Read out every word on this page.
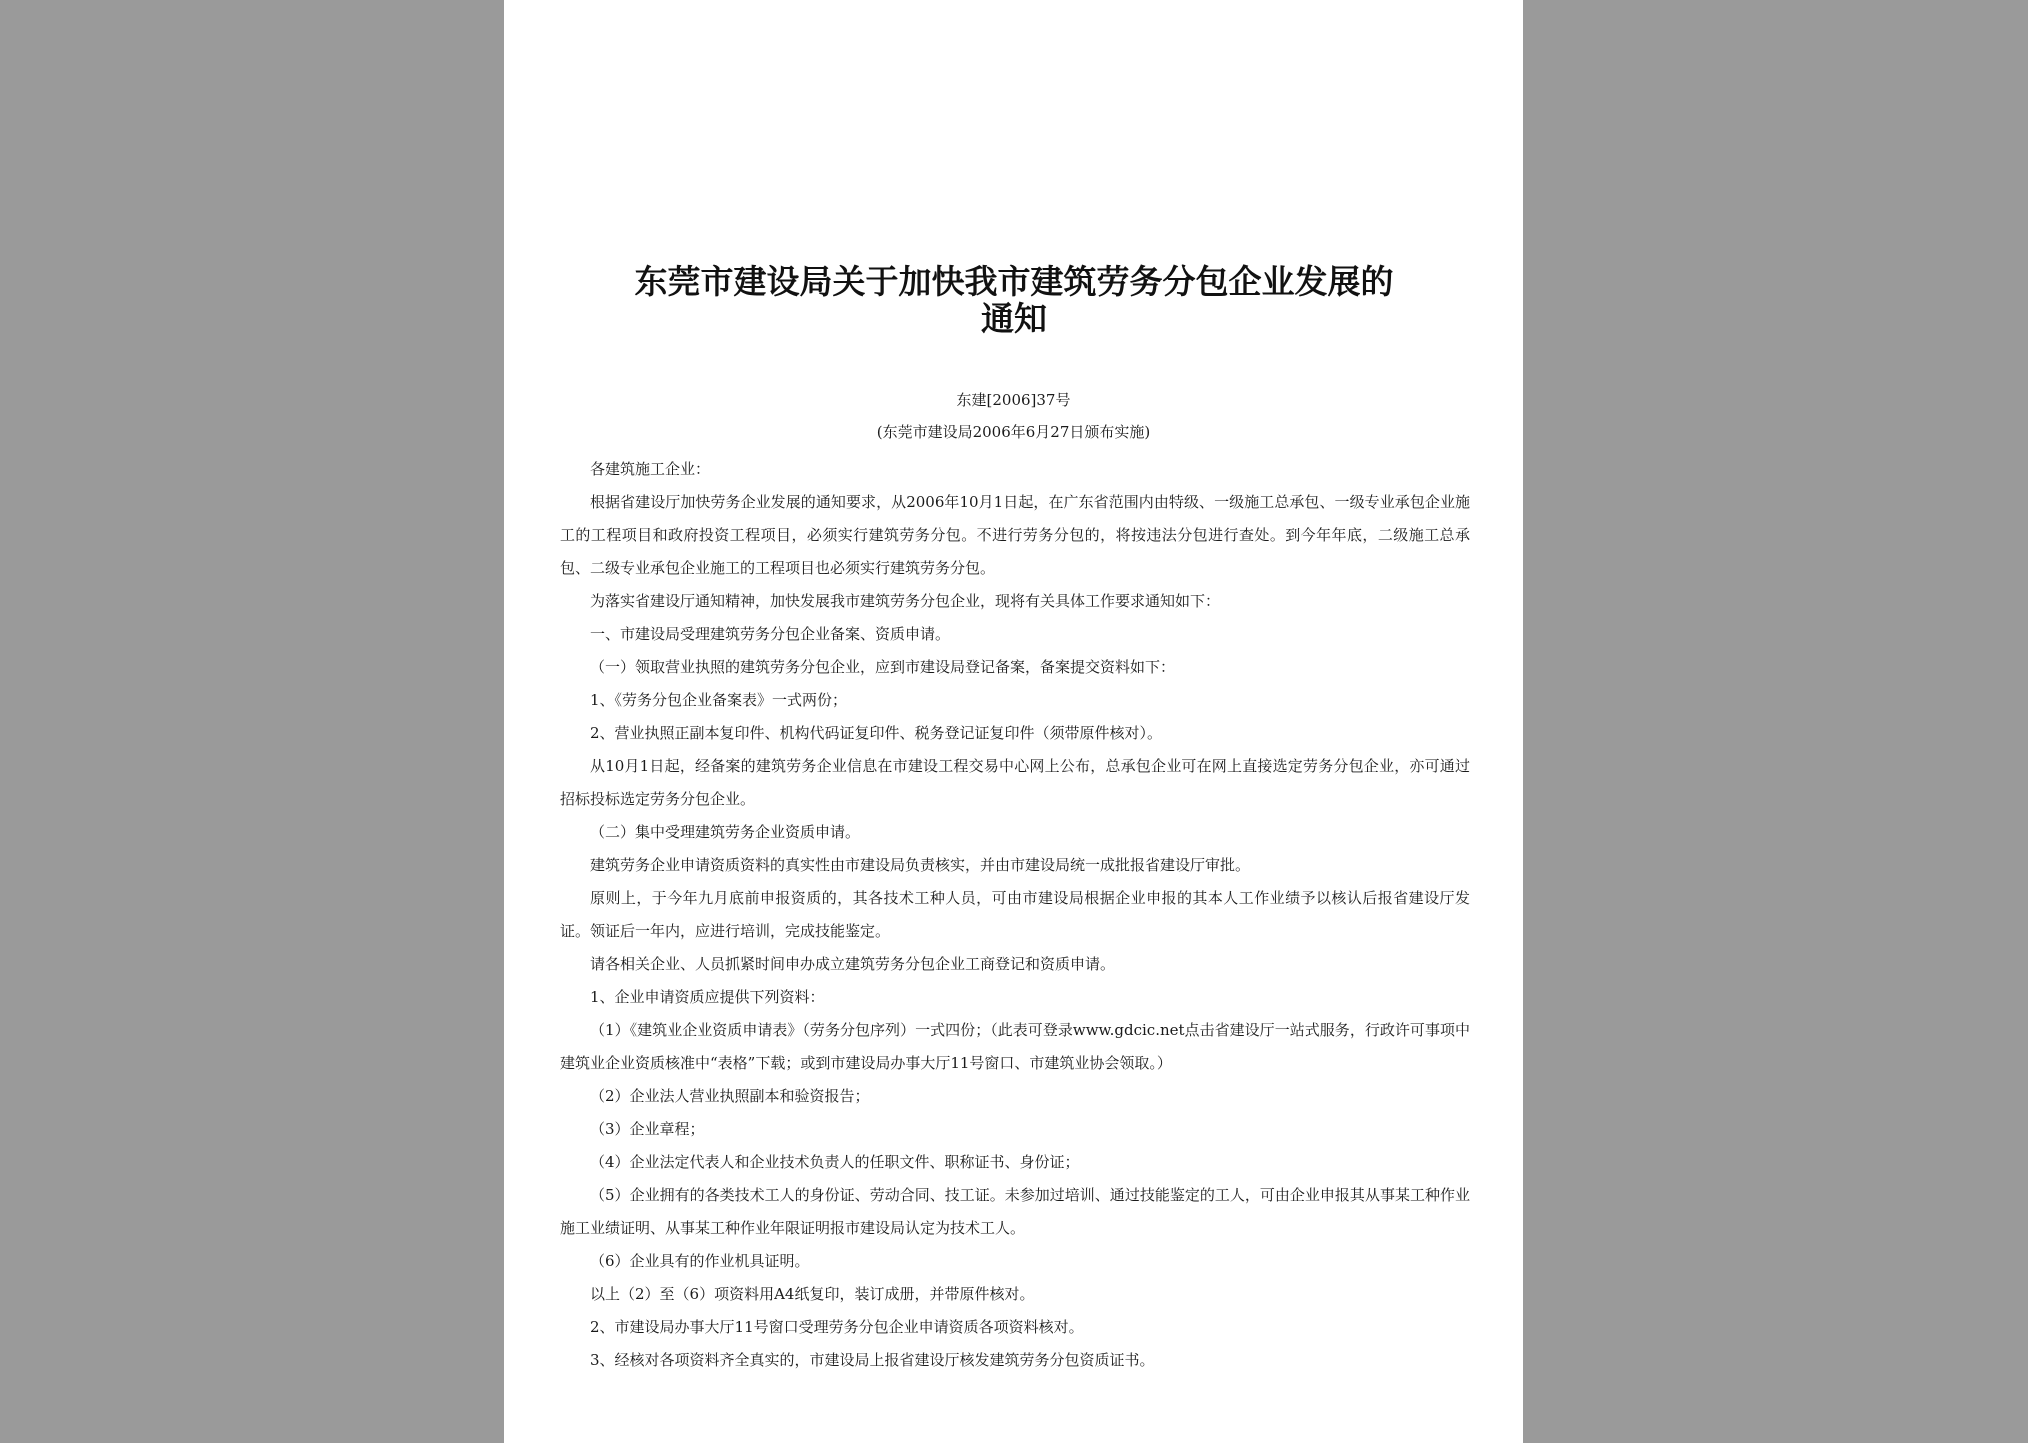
东莞市建设局关于加快我市建筑劳务分包企业发展的
通知
东建[2006]37号
(东莞市建设局2006年6月27日颁布实施)

各建筑施工企业：

根据省建设厅加快劳务企业发展的通知要求，从2006年10月1日起，在广东省范围内由特级、一级施工总承包、一级专业承包企业施工的工程项目和政府投资工程项目，必须实行建筑劳务分包。不进行劳务分包的，将按违法分包进行查处。到今年年底，二级施工总承包、二级专业承包企业施工的工程项目也必须实行建筑劳务分包。

为落实省建设厅通知精神，加快发展我市建筑劳务分包企业，现将有关具体工作要求通知如下：

一、市建设局受理建筑劳务分包企业备案、资质申请。

（一）领取营业执照的建筑劳务分包企业，应到市建设局登记备案，备案提交资料如下：

1、《劳务分包企业备案表》一式两份；

2、营业执照正副本复印件、机构代码证复印件、税务登记证复印件（须带原件核对）。

从10月1日起，经备案的建筑劳务企业信息在市建设工程交易中心网上公布，总承包企业可在网上直接选定劳务分包企业，亦可通过招标投标选定劳务分包企业。

（二）集中受理建筑劳务企业资质申请。

建筑劳务企业申请资质资料的真实性由市建设局负责核实，并由市建设局统一成批报省建设厅审批。

原则上，于今年九月底前申报资质的，其各技术工种人员，可由市建设局根据企业申报的其本人工作业绩予以核认后报省建设厅发证。领证后一年内，应进行培训，完成技能鉴定。

请各相关企业、人员抓紧时间申办成立建筑劳务分包企业工商登记和资质申请。

1、企业申请资质应提供下列资料：

（1）《建筑业企业资质申请表》（劳务分包序列）一式四份；（此表可登录www.gdcic.net点击省建设厅一站式服务，行政许可事项中建筑业企业资质核准中“表格”下载；或到市建设局办事大厅11号窗口、市建筑业协会领取。）

（2）企业法人营业执照副本和验资报告；

（3）企业章程；

（4）企业法定代表人和企业技术负责人的任职文件、职称证书、身份证；

（5）企业拥有的各类技术工人的身份证、劳动合同、技工证。未参加过培训、通过技能鉴定的工人，可由企业申报其从事某工种作业施工业绩证明、从事某工种作业年限证明报市建设局认定为技术工人。

（6）企业具有的作业机具证明。

以上（2）至（6）项资料用A4纸复印，装订成册，并带原件核对。

2、市建设局办事大厅11号窗口受理劳务分包企业申请资质各项资料核对。

3、经核对各项资料齐全真实的，市建设局上报省建设厅核发建筑劳务分包资质证书。
